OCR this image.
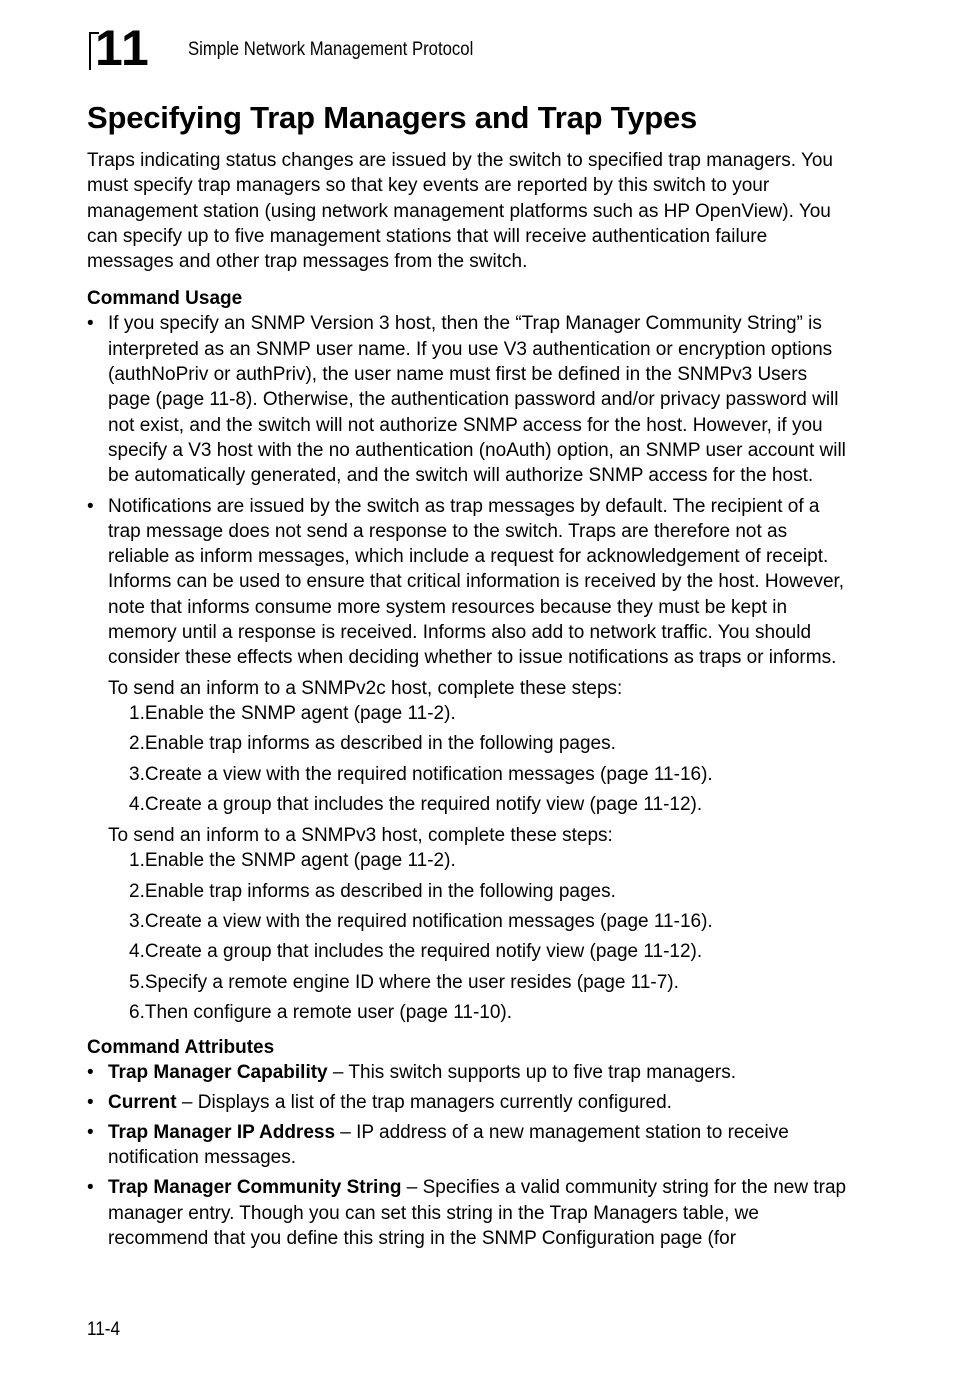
11 Simple Network Management Protocol
Specifying Trap Managers and Trap Types

Traps indicating status changes are issued by the switch to specified trap managers. You must specify trap managers so that key events are reported by this switch to your management station (using network management platforms such as HP OpenView). You can specify up to five management stations that will receive authentication failure messages and other trap messages from the switch.

Command Usage

• If you specify an SNMP Version 3 host, then the “Trap Manager Community String” is interpreted as an SNMP user name. If you use V3 authentication or encryption options (authNoPriv or authPriv), the user name must first be defined in the SNMPv3 Users page (page 11-8). Otherwise, the authentication password and/or privacy password will not exist, and the switch will not authorize SNMP access for the host. However, if you specify a V3 host with the no authentication (noAuth) option, an SNMP user account will be automatically generated, and the switch will authorize SNMP access for the host.
• Notifications are issued by the switch as trap messages by default. The recipient of a trap message does not send a response to the switch. Traps are therefore not as reliable as inform messages, which include a request for acknowledgement of receipt. Informs can be used to ensure that critical information is received by the host. However, note that informs consume more system resources because they must be kept in memory until a response is received. Informs also add to network traffic. You should consider these effects when deciding whether to issue notifications as traps or informs.

To send an inform to a SNMPv2c host, complete these steps:

1.Enable the SNMP agent (page 11-2).
2.Enable trap informs as described in the following pages.
3.Create a view with the required notification messages (page 11-16).
4.Create a group that includes the required notify view (page 11-12).

To send an inform to a SNMPv3 host, complete these steps:

1.Enable the SNMP agent (page 11-2).
2.Enable trap informs as described in the following pages.
3.Create a view with the required notification messages (page 11-16).
4.Create a group that includes the required notify view (page 11-12).
5.Specify a remote engine ID where the user resides (page 11-7).
6.Then configure a remote user (page 11-10).

Command Attributes

• Trap Manager Capability – This switch supports up to five trap managers.
• Current – Displays a list of the trap managers currently configured.
• Trap Manager IP Address – IP address of a new management station to receive notification messages.
• Trap Manager Community String – Specifies a valid community string for the new trap manager entry. Though you can set this string in the Trap Managers table, we recommend that you define this string in the SNMP Configuration page (for
11-4
